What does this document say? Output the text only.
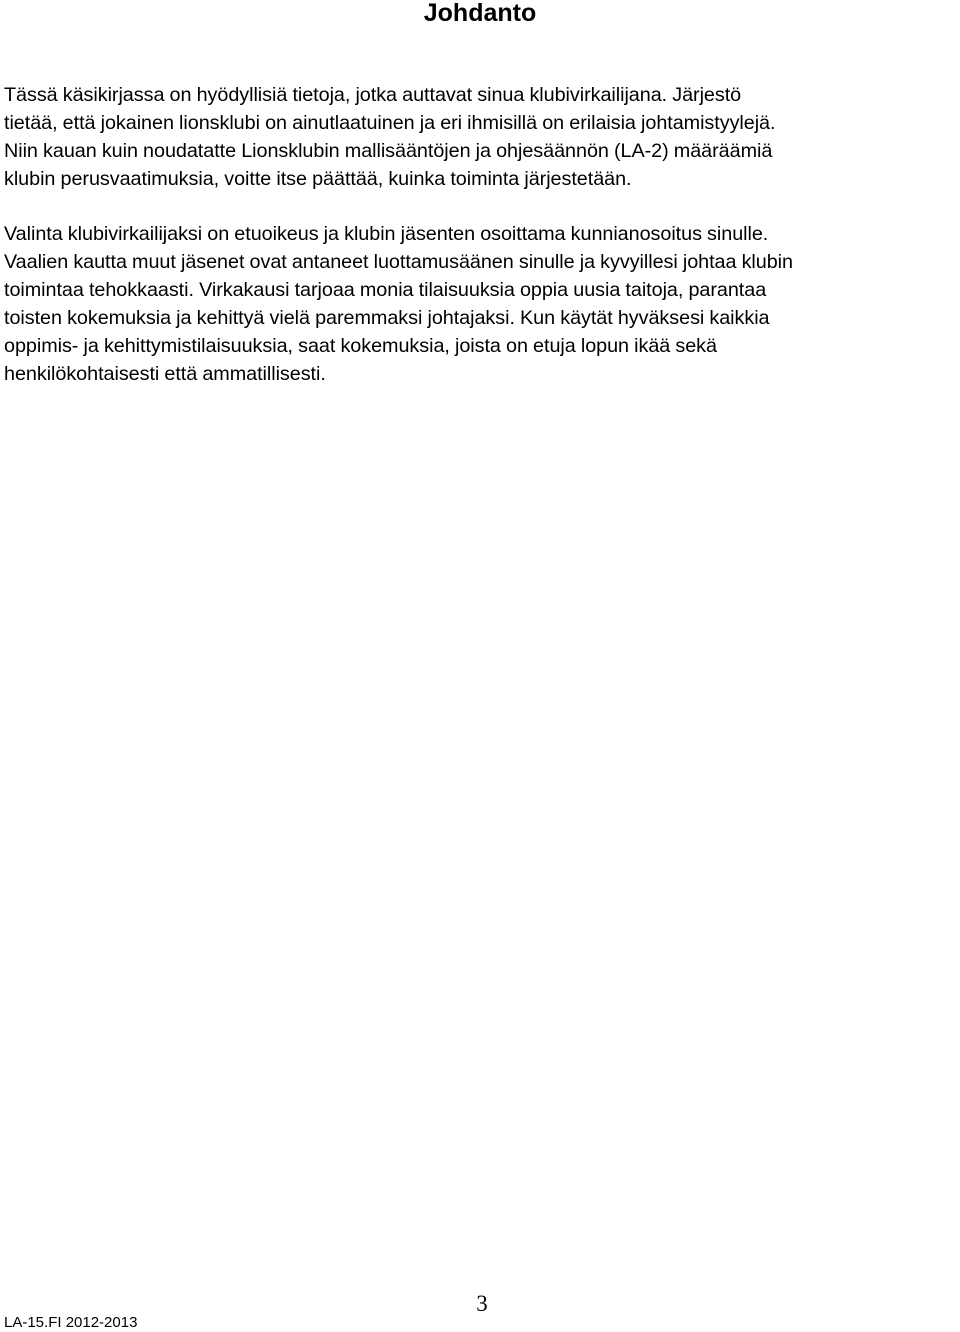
Johdanto

Tässä käsikirjassa on hyödyllisiä tietoja, jotka auttavat sinua klubivirkailijana. Järjestö
tietää, että jokainen lionsklubi on ainutlaatuinen ja eri ihmisillä on erilaisia johtamistyylejä.
Niin kauan kuin noudatatte Lionsklubin mallisääntöjen ja ohjesäännön (LA-2) määräämiä
klubin perusvaatimuksia, voitte itse päättää, kuinka toiminta järjestetään.

Valinta klubivirkailijaksi on etuoikeus ja klubin jäsenten osoittama kunnianosoitus sinulle.
Vaalien kautta muut jäsenet ovat antaneet luottamusäänen sinulle ja kyvyillesi johtaa klubin
toimintaa tehokkaasti. Virkakausi tarjoaa monia tilaisuuksia oppia uusia taitoja, parantaa
toisten kokemuksia ja kehittyä vielä paremmaksi johtajaksi. Kun käytät hyväksesi kaikkia
oppimis- ja kehittymistilaisuuksia, saat kokemuksia, joista on etuja lopun ikää sekä
henkilökohtaisesti että ammatillisesti.

3
LA-15.FI 2012-2013
